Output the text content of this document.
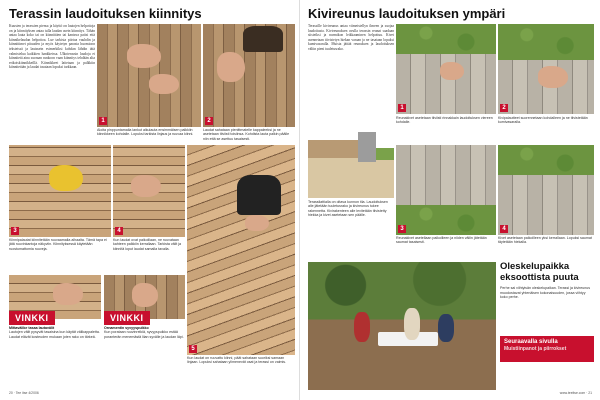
Terassin laudoituksen kiinnitys
Kuusten ja terassien piensa ja käyttö on lautojen helpottoja on ja kiinnityksen antaa tulla laudan usein kiinnitys. Tähän antaa lauta koko tai on kiinnittäen tai kantava paitsi että kiinnikelaudan helpottoa. Lue tarkista piirtoa vauhdin ja kiinnittimet pituuden ja myös käytetyn parasta huomioon teksteissä ja lautasein esimerkiksi kohdan lähdin tätä valmistelua kaikkien hankkeissa. Ulkoterassin laudoja ei kiinnitetä aina suoraan runkoon vaan kiinnitys tehdään alta erikoiskiinnikkeillä. Kiinnikkeet laitetaan ja palkkiin kiinnitetään ja laudat tasataan lopuksi tarkkaan.
1
Aloita pinppuntamalla lankut alkulauta ensimmäisen palkkiin kiinnikkeen kohdalle. Lopuksi tarkista linjaus ja ruuvaa kiinni.
2
Laudat sahataan pienittmatelle kappaleeksi ja ne asetetaan tiiviisti toisiinsa. Kohdista lauta palkin päälle niin että se asettuu tasaisesti.
3
Kiinnipalautat kiinnitetään ruuvaamalla alhaalta. Tämä tapa ei jätä ruuvinkantoja näkyviin. Kiinnityksessä käytetään ruostumattomia ruuveja.
4
Kun laudat ovat paikoillaan, ne ruuvataan kahteen palkkiin kerrallaan. Tarkista välit ja kiinnitä loput laudat samalla tavalla.
5
Kun laudat on ruuvattu kiinni, päät sahataan suoriksi samaan linjaan. Lopuksi sahataan ylimenevät osat ja terassi on valmis.
VINKKI
Mittavälike tasaa lautavälit
Lautojen välit pysyvät tasaisina kun käytät välikappaletta. Laudat elävät kosteuden mukaan joten rako on tärkeä.
VINKKI
Ornamentin syvyyspuikko
Kun porataan ruuvinreikiä, syvyyspuikko estää poranterän menemästä liian syvälle ja laudan läpi.
20 · Tee itse 4/2006
Kivireunus laudoituksen ympäri
Terassille kivireunus antaa viimeistellyn ilmeen ja suojaa laudoitusta. Kivireunuksen avulla terassin reunat saadaan siisteiksi ja nurmikon leikkaaminen helpottuu. Kivet asennetaan tiivistetyn hiekan varaan ja ne tasataan lopuksi kumivasaralla. Muista jättää reunuksen ja laudoituksen väliin pieni tuuletusrako.
1
Reunakivet asetetaan tiiviisti rinnakkain laudoituksen viereen kohdalle.
2
Kivipalautteet suorennetaan kohdalleen ja ne tiivistetään kumivasaralla.
Terassilattialla on oltava kunnon tila. Laudoituksen alle jätetään tuuletusrako ja kivireunus tukee rakennetta. Kivirakenteen alle levitetään tiivistetty hiekka ja kivet asetetaan sen päälle.
3
Reunakivet asetellaan paikoilleen ja niiden väliin jätetään saumat tasaisesti.
4
Kivet asetetaan paikoilleen yksi kerrallaan. Lopuksi saumat täytetään hiekalla.
Oleskelupaikka eksoottista puuta
Perhe sai viihtyisän oleskelupaikan. Terassi ja kivireunus muodostavat yhtenäisen kokonaisuuden, jossa viihtyy koko perhe.
Seuraavalla sivulla
Muistiinpanot ja piirrokset
www.teeitse.com · 21
